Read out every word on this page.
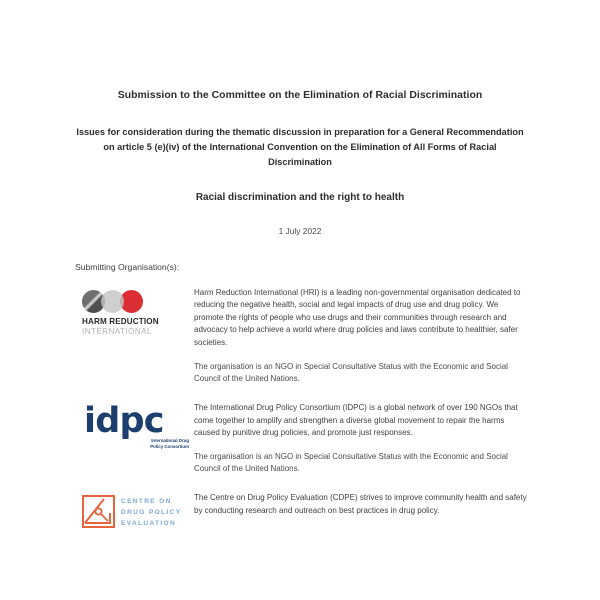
Submission to the Committee on the Elimination of Racial Discrimination
Issues for consideration during the thematic discussion in preparation for a General Recommendation on article 5 (e)(iv) of the International Convention on the Elimination of All Forms of Racial Discrimination
Racial discrimination and the right to health

1 July 2022

Submitting Organisation(s):

HARM REDUCTION
INTERNATIONAL

Harm Reduction International (HRI) is a leading non-governmental organisation dedicated to reducing the negative health, social and legal impacts of drug use and drug policy. We promote the rights of people who use drugs and their communities through research and advocacy to help achieve a world where drug policies and laws contribute to healthier, safer societies.

The organisation is an NGO in Special Consultative Status with the Economic and Social Council of the United Nations.

idpc
International Drug
Policy Consortium

The International Drug Policy Consortium (IDPC) is a global network of over 190 NGOs that come together to amplify and strengthen a diverse global movement to repair the harms caused by punitive drug policies, and promote just responses.

The organisation is an NGO in Special Consultative Status with the Economic and Social Council of the United Nations.

CENTRE ON
DRUG POLICY
EVALUATION

The Centre on Drug Policy Evaluation (CDPE) strives to improve community health and safety by conducting research and outreach on best practices in drug policy.
